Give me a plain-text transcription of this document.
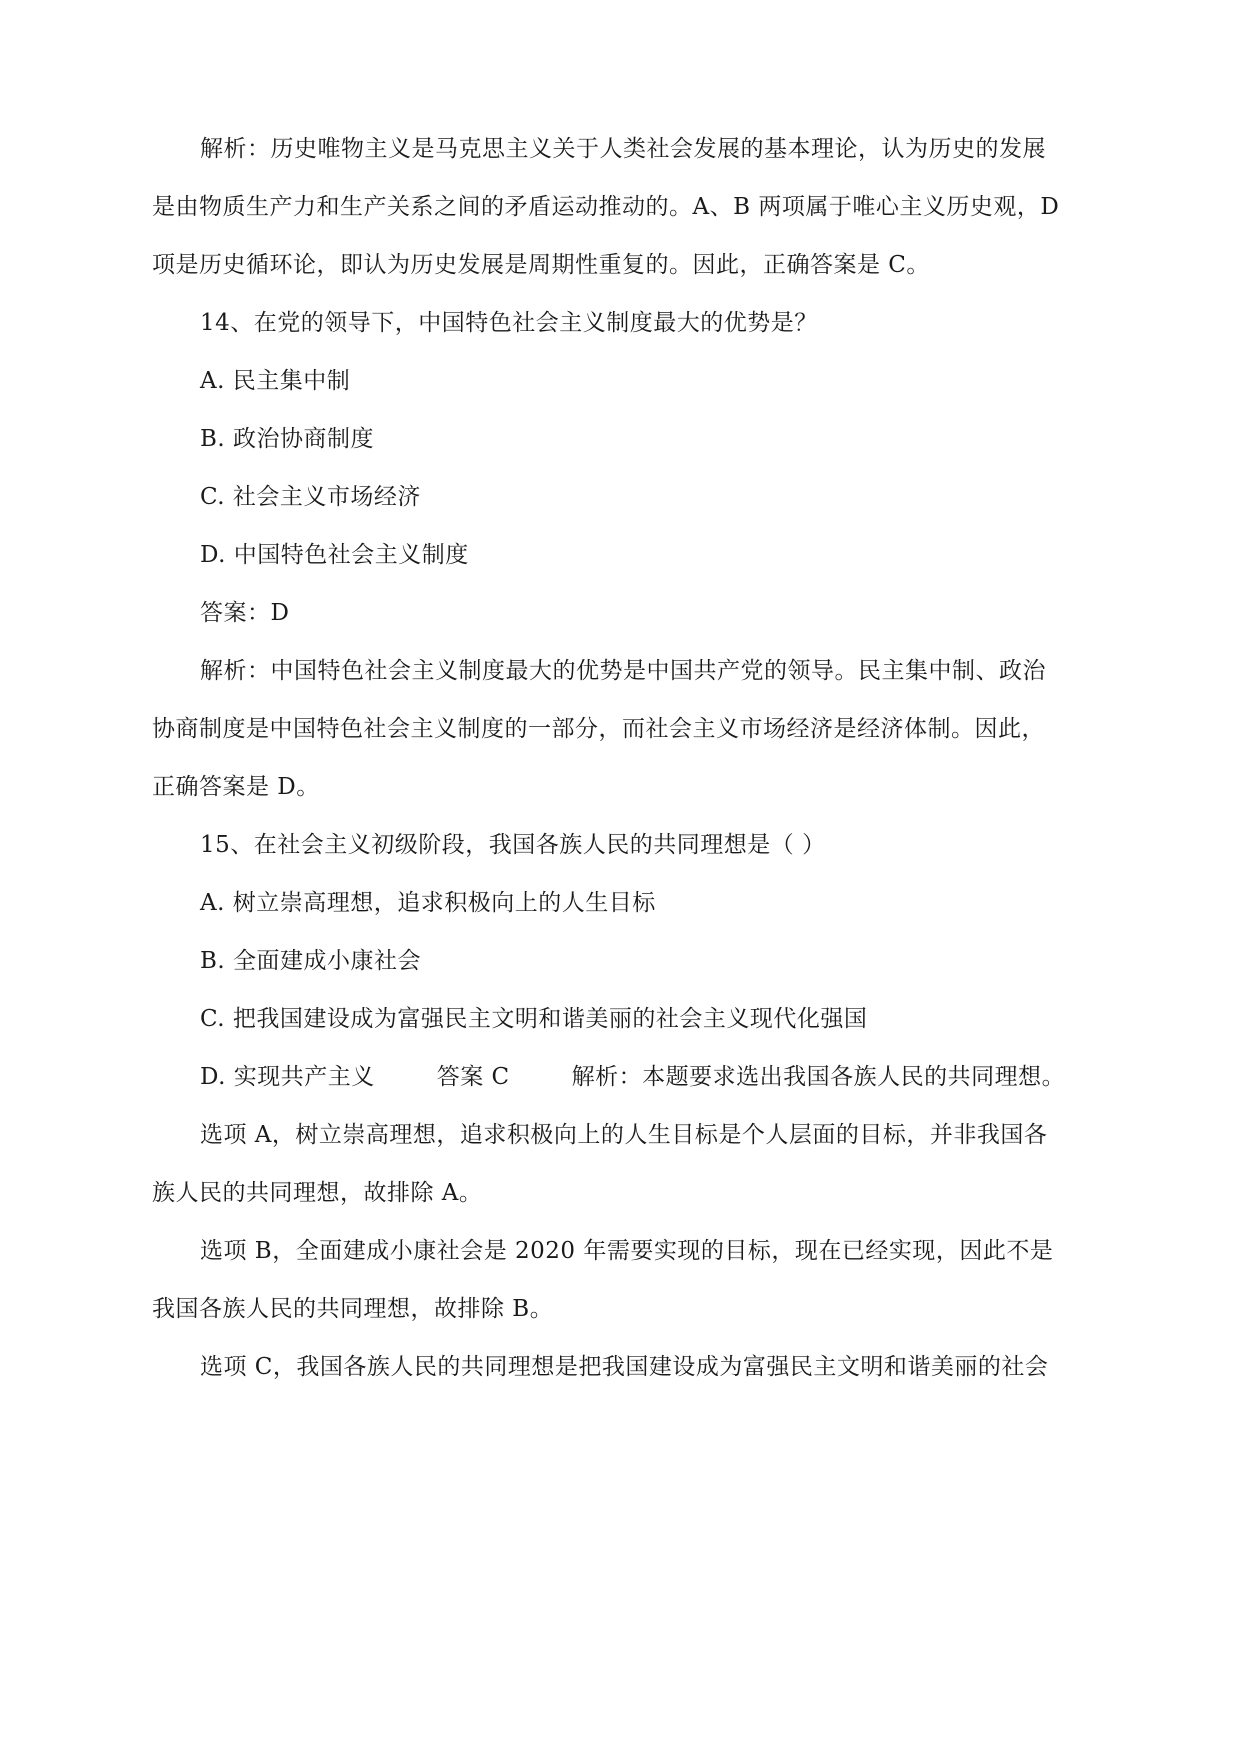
解析：历史唯物主义是马克思主义关于人类社会发展的基本理论，认为历史的发展
是由物质生产力和生产关系之间的矛盾运动推动的。A、B 两项属于唯心主义历史观，D
项是历史循环论，即认为历史发展是周期性重复的。因此，正确答案是 C。
14、在党的领导下，中国特色社会主义制度最大的优势是？
A. 民主集中制
B. 政治协商制度
C. 社会主义市场经济
D. 中国特色社会主义制度
答案：D
解析：中国特色社会主义制度最大的优势是中国共产党的领导。民主集中制、政治
协商制度是中国特色社会主义制度的一部分，而社会主义市场经济是经济体制。因此，
正确答案是 D。
15、在社会主义初级阶段，我国各族人民的共同理想是（ ）
A. 树立崇高理想，追求积极向上的人生目标
B. 全面建成小康社会
C. 把我国建设成为富强民主文明和谐美丽的社会主义现代化强国
D. 实现共产主义	答案 C	解析：本题要求选出我国各族人民的共同理想。
选项 A，树立崇高理想，追求积极向上的人生目标是个人层面的目标，并非我国各
族人民的共同理想，故排除 A。
选项 B，全面建成小康社会是 2020 年需要实现的目标，现在已经实现，因此不是
我国各族人民的共同理想，故排除 B。
选项 C，我国各族人民的共同理想是把我国建设成为富强民主文明和谐美丽的社会
